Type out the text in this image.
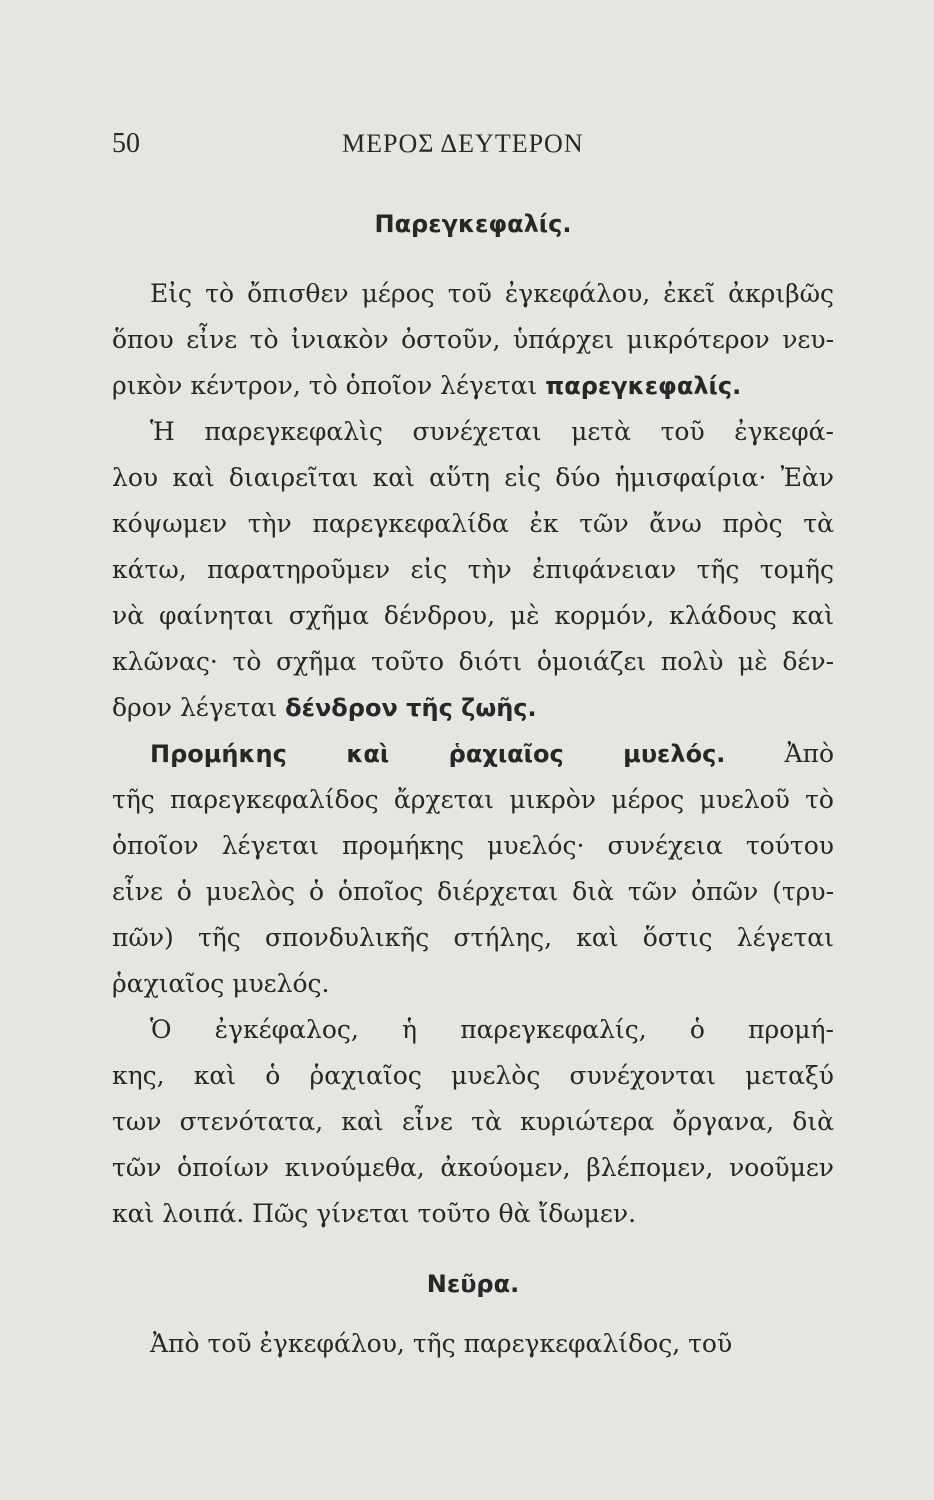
50	ΜΕΡΟΣ ΔΕΥΤΕΡΟΝ
Παρεγκεφαλίς.
Εἰς τὸ ὄπισθεν μέρος τοῦ ἐγκεφάλου, ἐκεῖ ἀκριβῶς
ὅπου εἶνε τὸ ἰνιακὸν ὀστοῦν, ὑπάρχει μικρότερον νευ-
ρικὸν κέντρον, τὸ ὁποῖον λέγεται παρεγκεφαλίς.
Ἡ παρεγκεφαλὶς συνέχεται μετὰ τοῦ ἐγκεφά-
λου καὶ διαιρεῖται καὶ αὕτη εἰς δύο ἡμισφαίρια· Ἐὰν
κόψωμεν τὴν παρεγκεφαλίδα ἐκ τῶν ἄνω πρὸς τὰ
κάτω, παρατηροῦμεν εἰς τὴν ἐπιφάνειαν τῆς τομῆς
νὰ φαίνηται σχῆμα δένδρου, μὲ κορμόν, κλάδους καὶ
κλῶνας· τὸ σχῆμα τοῦτο διότι ὁμοιάζει πολὺ μὲ δέν-
δρον λέγεται δένδρον τῆς ζωῆς.
Προμήκης καὶ ῥαχιαῖος μυελός. Ἀπὸ
τῆς παρεγκεφαλίδος ἄρχεται μικρὸν μέρος μυελοῦ τὸ
ὁποῖον λέγεται προμήκης μυελός· συνέχεια τούτου
εἶνε ὁ μυελὸς ὁ ὁποῖος διέρχεται διὰ τῶν ὀπῶν (τρυ-
πῶν) τῆς σπονδυλικῆς στήλης, καὶ ὅστις λέγεται
ῥαχιαῖος μυελός.
Ὁ ἐγκέφαλος, ἡ παρεγκεφαλίς, ὁ προμή-
κης, καὶ ὁ ῥαχιαῖος μυελὸς συνέχονται μεταξύ
των στενότατα, καὶ εἶνε τὰ κυριώτερα ὄργανα, διὰ
τῶν ὁποίων κινούμεθα, ἀκούομεν, βλέπομεν, νοοῦμεν
καὶ λοιπά. Πῶς γίνεται τοῦτο θὰ ἴδωμεν.
Νεῦρα.
Ἀπὸ τοῦ ἐγκεφάλου, τῆς παρεγκεφαλίδος, τοῦ
